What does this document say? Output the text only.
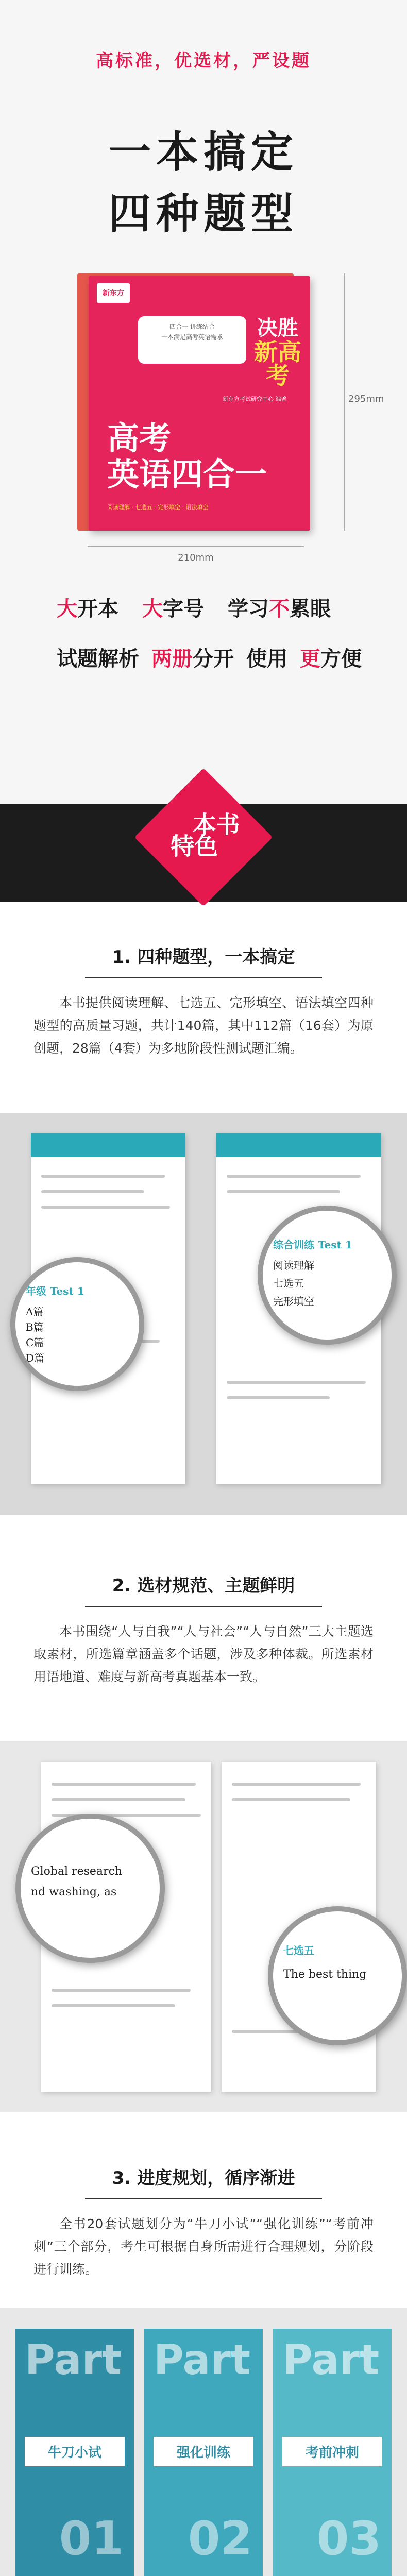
高标准，优选材，严设题
一本搞定
四种题型
新东方
四合一 讲练结合
一本满足高考英语需求	决胜
新高考
新东方考试研究中心 编著
高考
英语四合一
阅读理解 · 七选五 · 完形填空 · 语法填空
295mm
210mm
大开本 大字号 学习不累眼
试题解析 两册分开 使用 更方便
本书
特色
1. 四种题型，一本搞定
本书提供阅读理解、七选五、完形填空、语法填空四种题型的高质量习题，共计140篇，其中112篇（16套）为原创题，28篇（4套）为多地阶段性测试题汇编。
年级 Test 1
A篇
B篇
C篇
D篇
综合训练 Test 1
阅读理解
七选五
完形填空
2. 选材规范、主题鲜明
本书围绕“人与自我”“人与社会”“人与自然”三大主题选取素材，所选篇章涵盖多个话题，涉及多种体裁。所选素材用语地道、难度与新高考真题基本一致。
Global research
nd washing, as
七选五
The best thing
3. 进度规划，循序渐进
全书20套试题划分为“牛刀小试”“强化训练”“考前冲刺”三个部分，考生可根据自身所需进行合理规划，分阶段进行训练。
Part
牛刀小试
01
Part
强化训练
02
Part
考前冲刺
03
